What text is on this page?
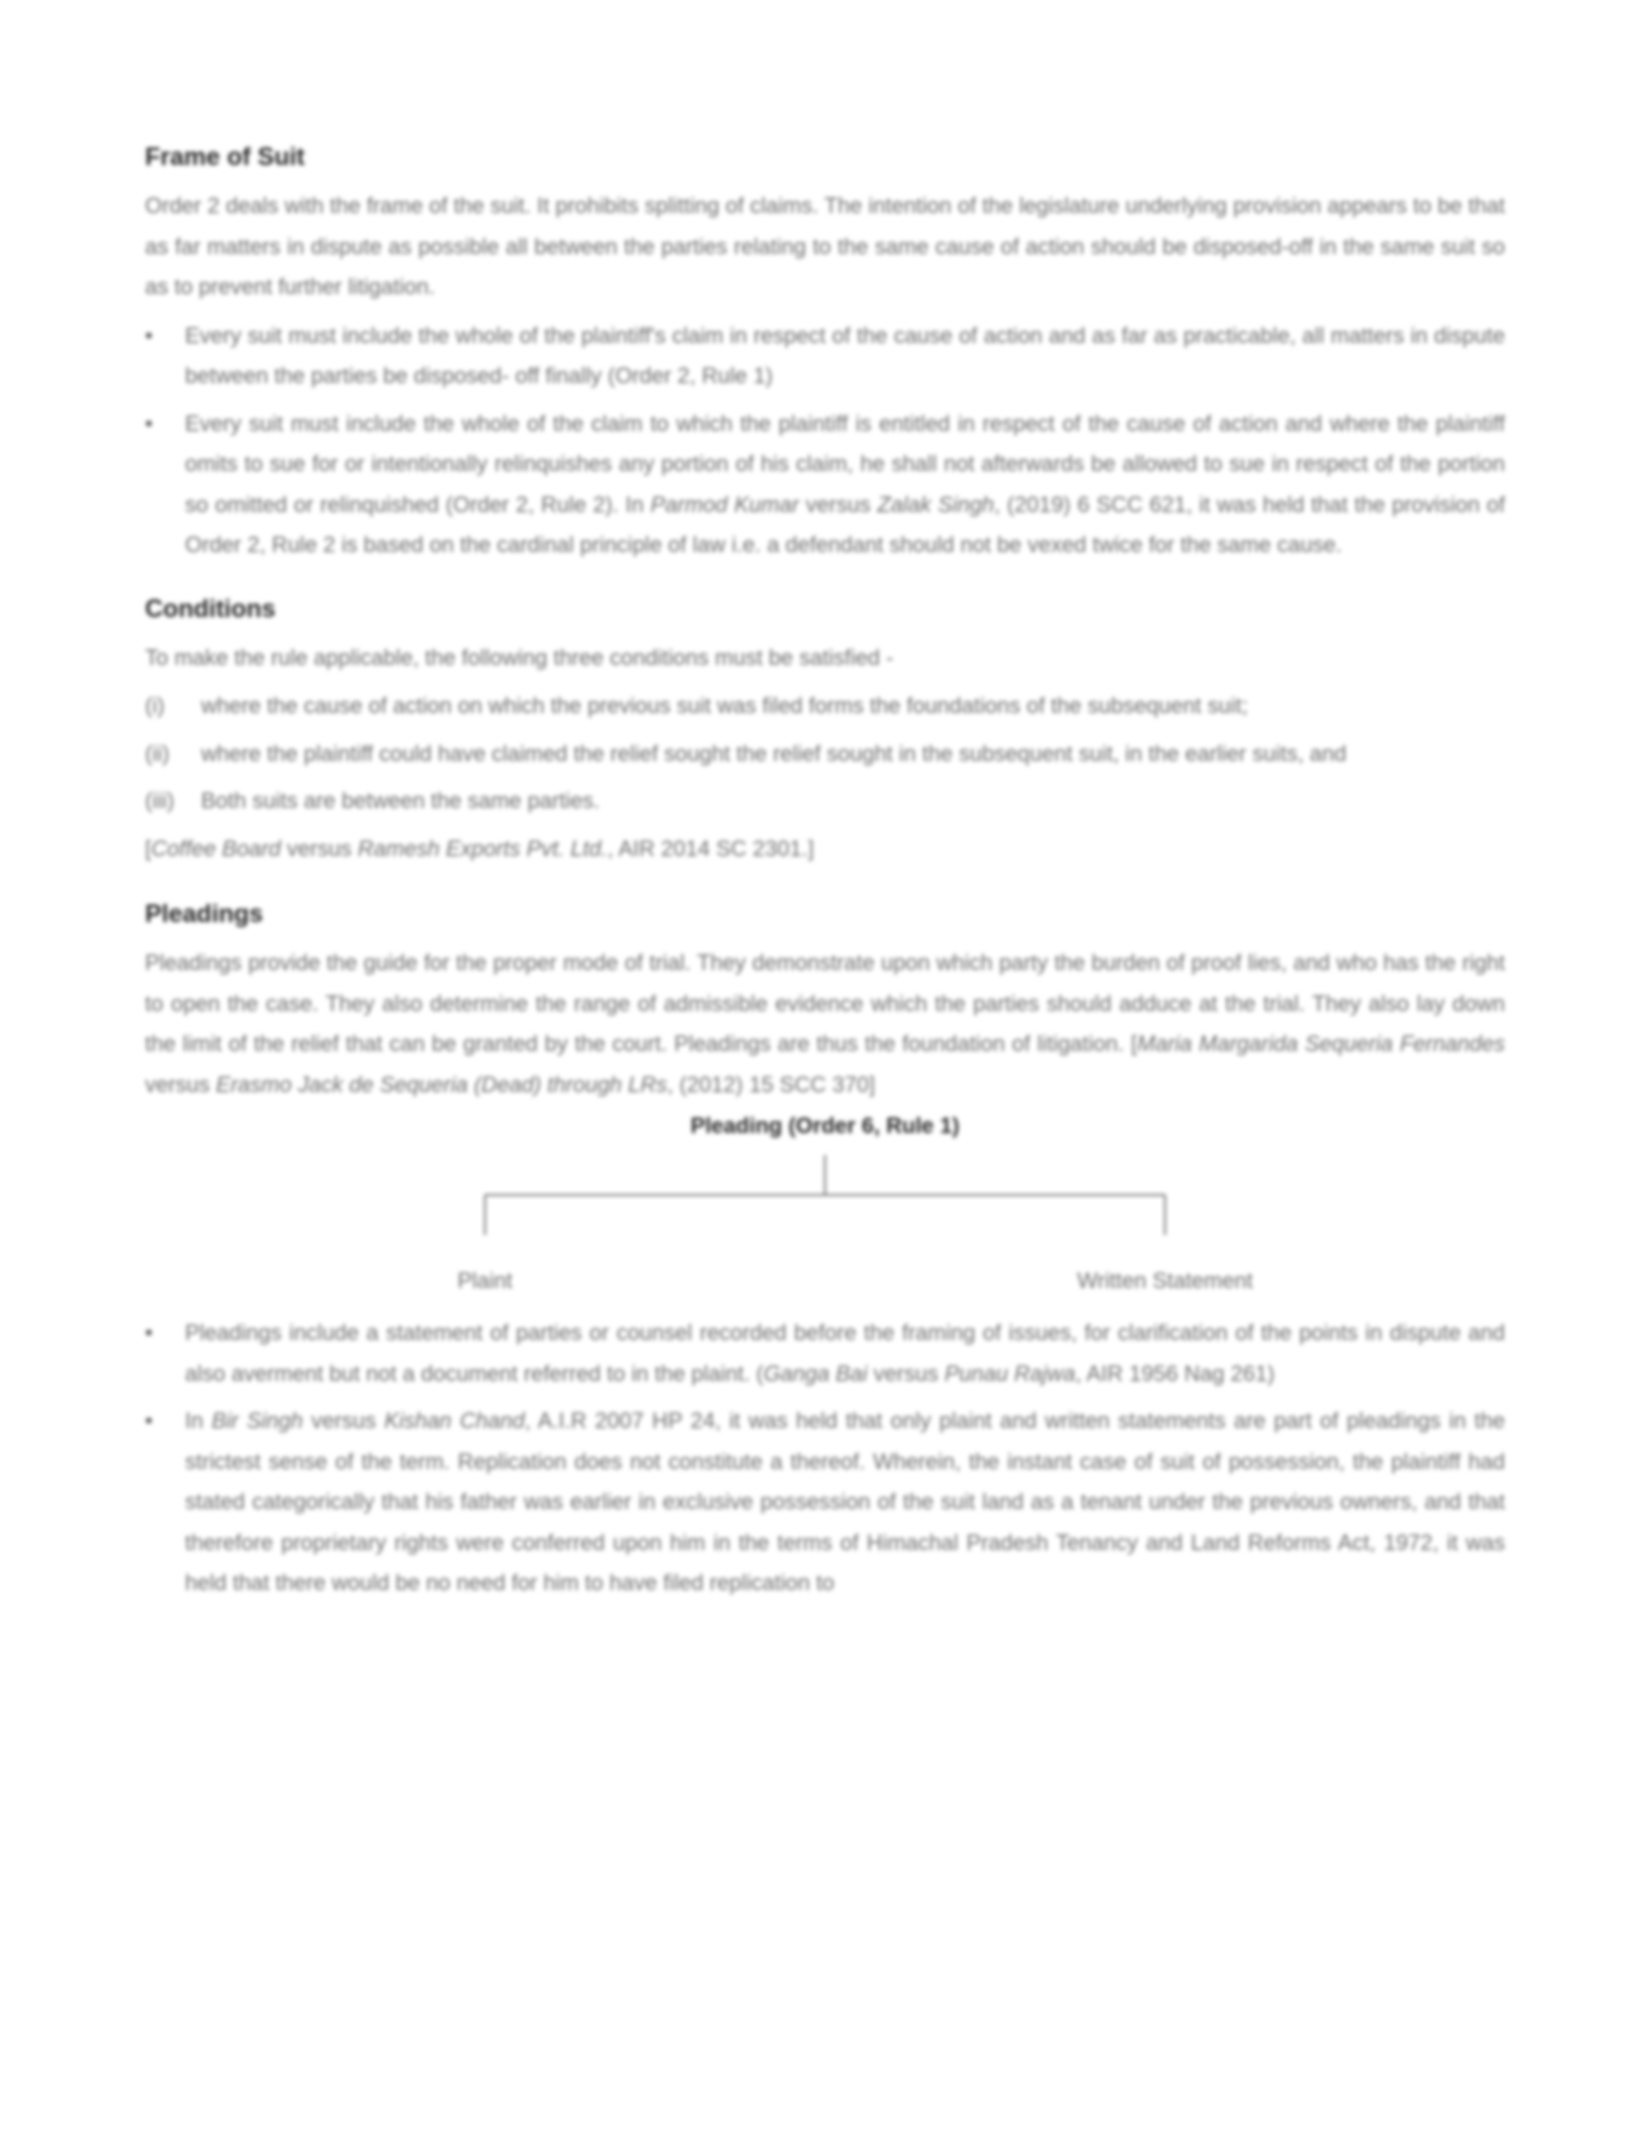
Frame of Suit

Order 2 deals with the frame of the suit. It prohibits splitting of claims. The intention of the legislature underlying provision appears to be that as far matters in dispute as possible all between the parties relating to the same cause of action should be disposed-off in the same suit so as to prevent further litigation.

• Every suit must include the whole of the plaintiff's claim in respect of the cause of action and as far as practicable, all matters in dispute between the parties be disposed- off finally (Order 2, Rule 1)
• Every suit must include the whole of the claim to which the plaintiff is entitled in respect of the cause of action and where the plaintiff omits to sue for or intentionally relinquishes any portion of his claim, he shall not afterwards be allowed to sue in respect of the portion so omitted or relinquished (Order 2, Rule 2). In Parmod Kumar versus Zalak Singh, (2019) 6 SCC 621, it was held that the provision of Order 2, Rule 2 is based on the cardinal principle of law i.e. a defendant should not be vexed twice for the same cause.
Conditions

To make the rule applicable, the following three conditions must be satisfied -

(i) where the cause of action on which the previous suit was filed forms the foundations of the subsequent suit;
(ii) where the plaintiff could have claimed the relief sought the relief sought in the subsequent suit, in the earlier suits, and
(iii) Both suits are between the same parties.

[Coffee Board versus Ramesh Exports Pvt. Ltd., AIR 2014 SC 2301.]

Pleadings

Pleadings provide the guide for the proper mode of trial. They demonstrate upon which party the burden of proof lies, and who has the right to open the case. They also determine the range of admissible evidence which the parties should adduce at the trial. They also lay down the limit of the relief that can be granted by the court. Pleadings are thus the foundation of litigation. [Maria Margarida Sequeria Fernandes versus Erasmo Jack de Sequeria (Dead) through LRs, (2012) 15 SCC 370]

Pleading (Order 6, Rule 1)
Plaint	Written Statement
• Pleadings include a statement of parties or counsel recorded before the framing of issues, for clarification of the points in dispute and also averment but not a document referred to in the plaint. (Ganga Bai versus Punau Rajwa, AIR 1956 Nag 261)
• In Bir Singh versus Kishan Chand, A.I.R 2007 HP 24, it was held that only plaint and written statements are part of pleadings in the strictest sense of the term. Replication does not constitute a thereof. Wherein, the instant case of suit of possession, the plaintiff had stated categorically that his father was earlier in exclusive possession of the suit land as a tenant under the previous owners, and that therefore proprietary rights were conferred upon him in the terms of Himachal Pradesh Tenancy and Land Reforms Act, 1972, it was held that there would be no need for him to have filed replication to
